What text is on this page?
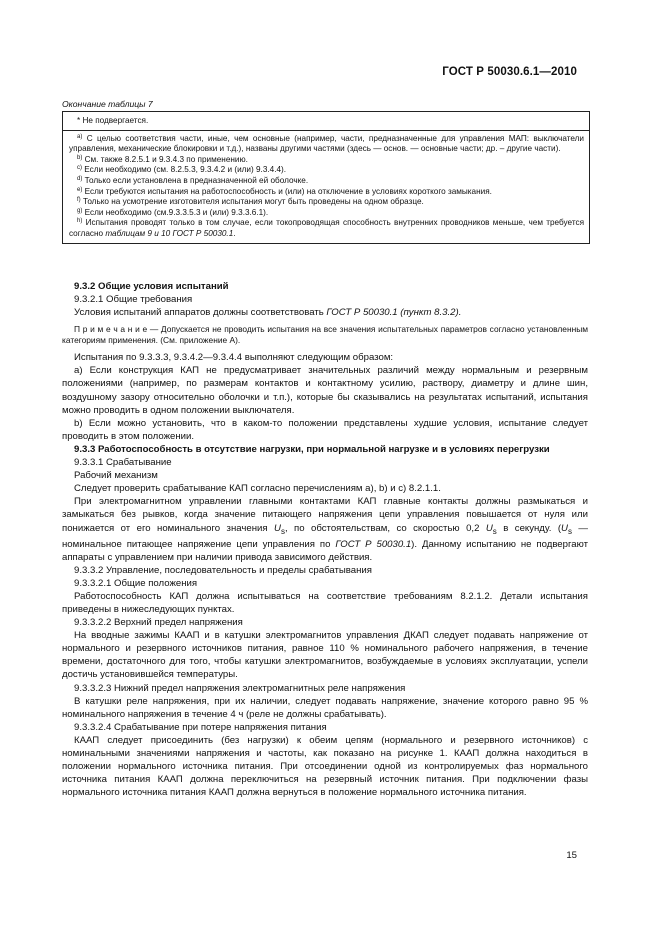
ГОСТ Р 50030.6.1—2010
Окончание таблицы 7
* Не подвергается.
$^{a)}$ С целью соответствия части, иные, чем основные (например, части, предназначенные для управления МАП: выключатели управления, механические блокировки и т.д.), названы другими частями (здесь — основ. — основные части; др. – другие части).
$^{b)}$ См. также 8.2.5.1 и 9.3.4.3 по применению.
$^{c)}$ Если необходимо (см. 8.2.5.3, 9.3.4.2 и (или) 9.3.4.4).
$^{d)}$ Только если установлена в предназначенной ей оболочке.
$^{e)}$ Если требуются испытания на работоспособность и (или) на отключение в условиях короткого замыкания.
$^{f)}$ Только на усмотрение изготовителя испытания могут быть проведены на одном образце.
$^{g)}$ Если необходимо (см.9.3.3.5.3 и (или) 9.3.3.6.1).
$^{h)}$ Испытания проводят только в том случае, если токопроводящая способность внутренних проводников меньше, чем требуется согласно таблицам 9 и 10 ГОСТ Р 50030.1.

9.3.2 Общие условия испытаний

9.3.2.1 Общие требования

Условия испытаний аппаратов должны соответствовать ГОСТ Р 50030.1 (пункт 8.3.2).

П р и м е ч а н и е — Допускается не проводить испытания на все значения испытательных параметров согласно установленным категориям применения. (См. приложение А).

Испытания по 9.3.3.3, 9.3.4.2—9.3.4.4 выполняют следующим образом:

а) Если конструкция КАП не предусматривает значительных различий между нормальным и резервным положениями (например, по размерам контактов и контактному усилию, раствору, диаметру и длине шин, воздушному зазору относительно оболочки и т.п.), которые бы сказывались на результатах испытаний, испытания можно проводить в одном положении выключателя.

b) Если можно установить, что в каком-то положении представлены худшие условия, испытание следует проводить в этом положении.

9.3.3 Работоспособность в отсутствие нагрузки, при нормальной нагрузке и в условиях перегрузки

9.3.3.1 Срабатывание

Рабочий механизм

Следует проверить срабатывание КАП согласно перечислениям а), b) и с) 8.2.1.1.

При электромагнитном управлении главными контактами КАП главные контакты должны размыкаться и замыкаться без рывков, когда значение питающего напряжения цепи управления повышается от нуля или понижается от его номинального значения $U_s$, по обстоятельствам, со скоростью 0,2 $U_s$ в секунду. ($U_s$ — номинальное питающее напряжение цепи управления по ГОСТ Р 50030.1). Данному испытанию не подвергают аппараты с управлением при наличии привода зависимого действия.

9.3.3.2 Управление, последовательность и пределы срабатывания

9.3.3.2.1 Общие положения

Работоспособность КАП должна испытываться на соответствие требованиям 8.2.1.2. Детали испытания приведены в нижеследующих пунктах.

9.3.3.2.2 Верхний предел напряжения

На вводные зажимы КААП и в катушки электромагнитов управления ДКАП следует подавать напряжение от нормального и резервного источников питания, равное 110 % номинального рабочего напряжения, в течение времени, достаточного для того, чтобы катушки электромагнитов, возбуждаемые в условиях эксплуатации, успели достичь установившейся температуры.

9.3.3.2.3 Нижний предел напряжения электромагнитных реле напряжения

В катушки реле напряжения, при их наличии, следует подавать напряжение, значение которого равно 95 % номинального напряжения в течение 4 ч (реле не должны срабатывать).

9.3.3.2.4 Срабатывание при потере напряжения питания

КААП следует присоединить (без нагрузки) к обеим цепям (нормального и резервного источников) с номинальными значениями напряжения и частоты, как показано на рисунке 1. КААП должна находиться в положении нормального источника питания. При отсоединении одной из контролируемых фаз нормального источника питания КААП должна переключиться на резервный источник питания. При подключении фазы нормального источника питания КААП должна вернуться в положение нормального источника питания.

15
